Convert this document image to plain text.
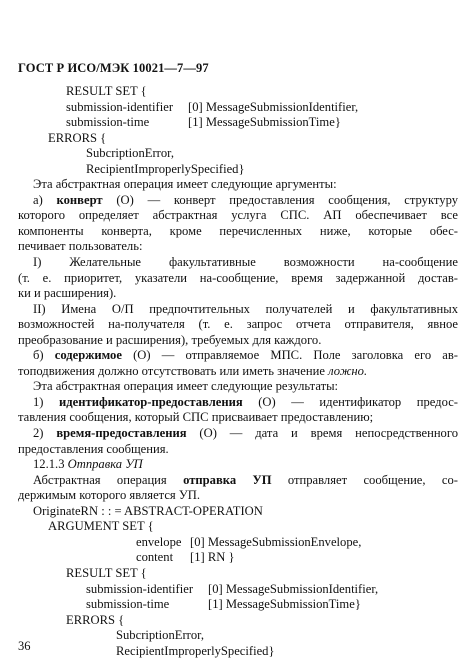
ГОСТ Р ИСО/МЭК 10021—7—97
RESULT SET {
submission-identifier [0] MessageSubmissionIdentifier,
submission-time	[1] MessageSubmissionTime}
ERRORS {
SubcriptionError,
RecipientImproperlySpecified}
Эта абстрактная операция имеет следующие аргументы:
а) конверт (О) — конверт предоставления сообщения, структуру
которого определяет абстрактная услуга СПС. АП обеспечивает все
компоненты конверта, кроме перечисленных ниже, которые обес-
печивает пользователь:
I) Желательные факультативные возможности на-сообщение
(т. е. приоритет, указатели на-сообщение, время задержанной достав-
ки и расширения).
II) Имена О/П предпочтительных получателей и факультативных
возможностей на-получателя (т. е. запрос отчета отправителя, явное
преобразование и расширения), требуемых для каждого.
б) содержимое (О) — отправляемое МПС. Поле заголовка его ав-
топодвижения должно отсутствовать или иметь значение ложно.
Эта абстрактная операция имеет следующие результаты:
1) идентификатор-предоставления (О) — идентификатор предос-
тавления сообщения, который СПС присваивает предоставлению;
2) время-предоставления (О) — дата и время непосредственного
предоставления сообщения.
12.1.3 Отправка УП
Абстрактная операция отправка УП отправляет сообщение, со-
держимым которого является УП.
OriginateRN : : = ABSTRACT-OPERATION
ARGUMENT SET {
envelope [0] MessageSubmissionEnvelope,
content [1] RN }
RESULT SET {
submission-identifier [0] MessageSubmissionIdentifier,
submission-time	[1] MessageSubmissionTime}
ERRORS {
SubcriptionError,
RecipientImproperlySpecified}
36
